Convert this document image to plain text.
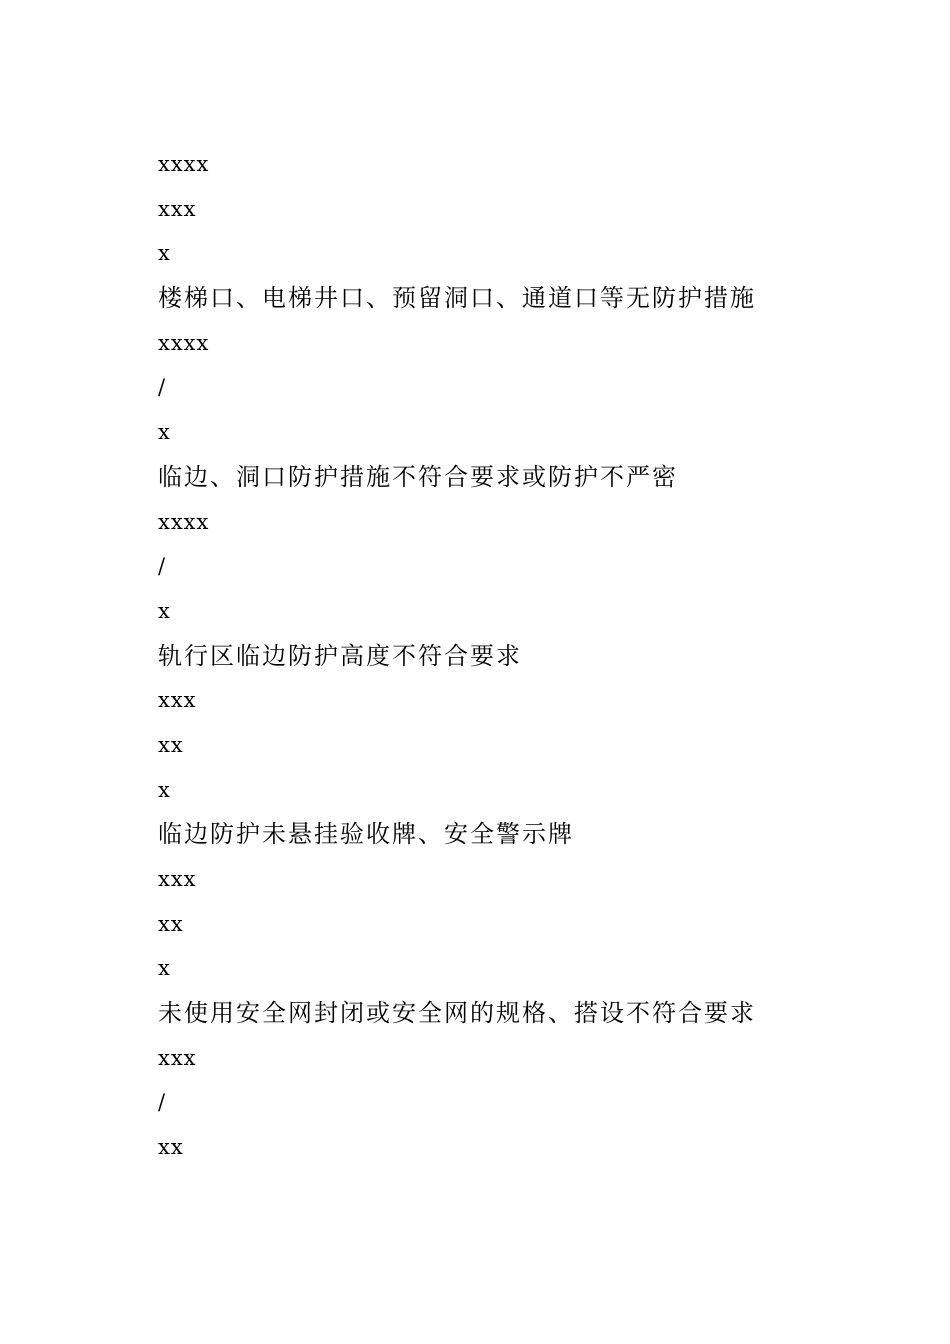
xxxx
xxx
x
楼梯口、电梯井口、预留洞口、通道口等无防护措施
xxxx
/
x
临边、洞口防护措施不符合要求或防护不严密
xxxx
/
x
轨行区临边防护高度不符合要求
xxx
xx
x
临边防护未悬挂验收牌、安全警示牌
xxx
xx
x
未使用安全网封闭或安全网的规格、搭设不符合要求
xxx
/
xx
